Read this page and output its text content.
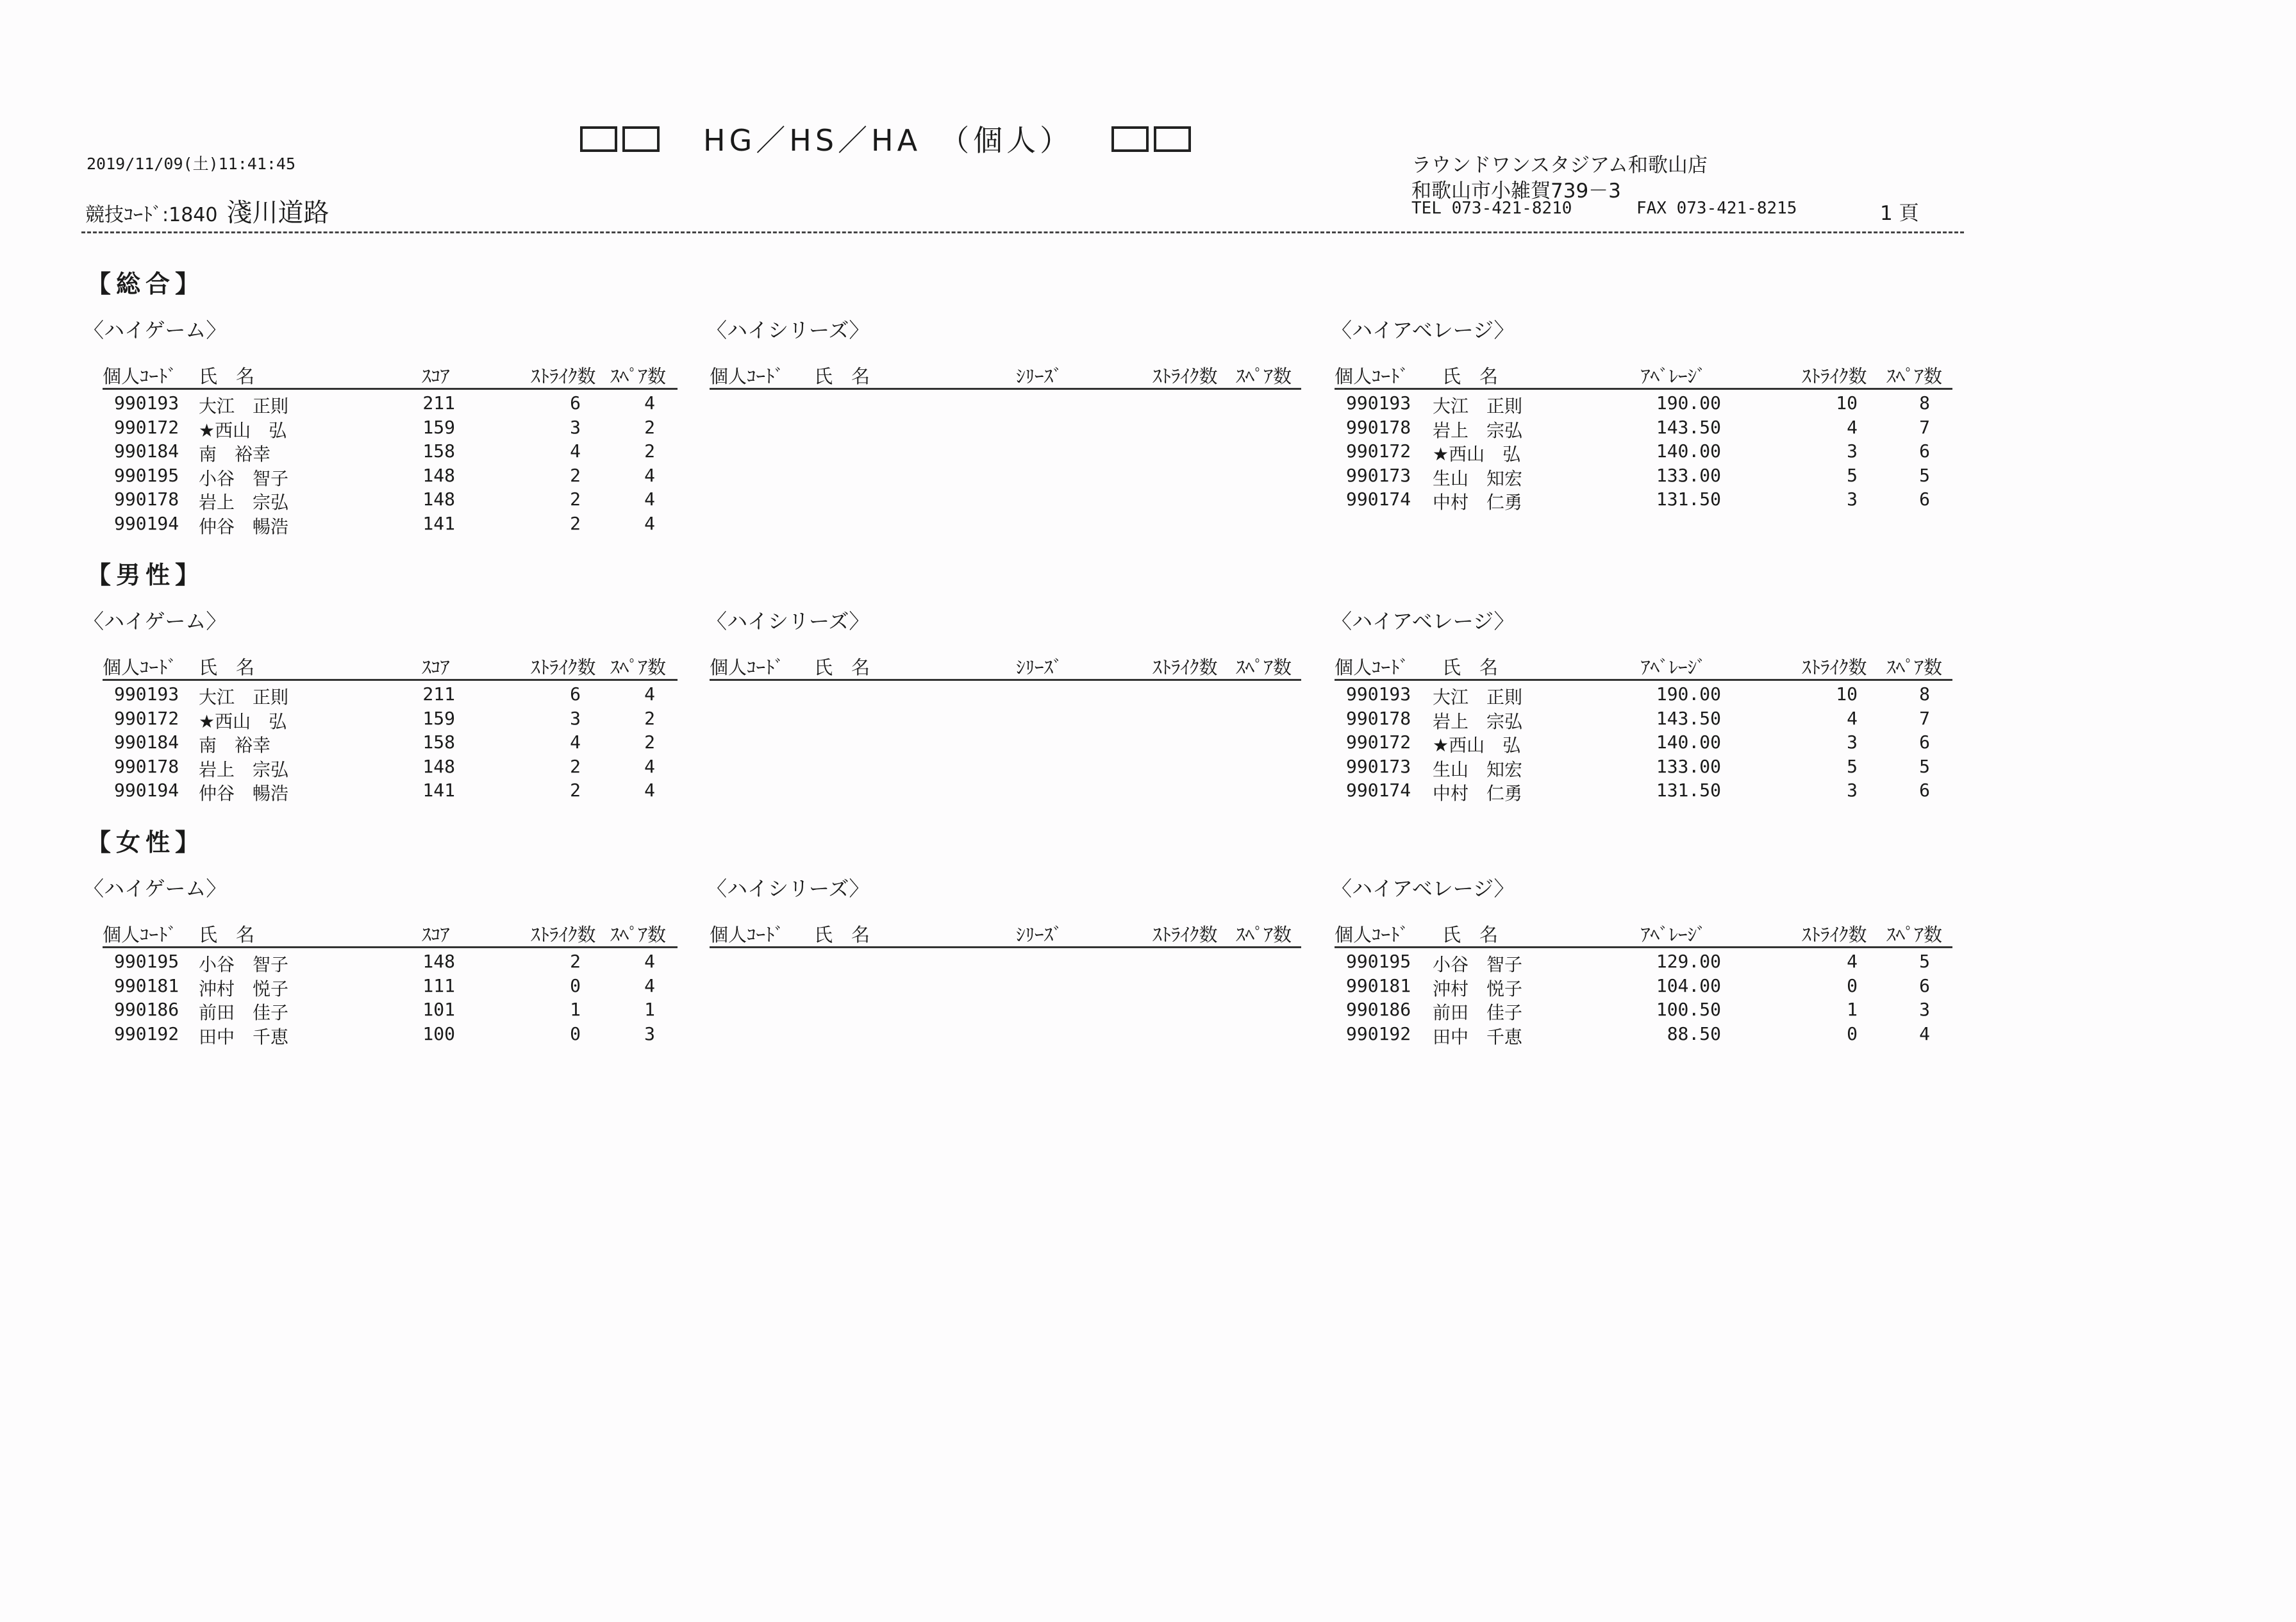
HG／HS／HA　（個人）
2019/11/09(土)11:41:45
競技ｺｰﾄﾞ:1840 淺川道路
ラウンドワンスタジアム和歌山店
和歌山市小雑賀739－3
TEL 073-421-8210	FAX 073-421-8215	1 頁
【総合】
〈ハイゲーム〉
個人ｺｰﾄﾞ 氏　名	ｽｺｱ	ｽﾄﾗｲｸ数 ｽﾍﾟｱ数
〈ハイシリーズ〉
個人ｺｰﾄﾞ 氏　名	ｼﾘｰｽﾞ	ｽﾄﾗｲｸ数 ｽﾍﾟｱ数
〈ハイアベレージ〉
個人ｺｰﾄﾞ 氏　名	ｱﾍﾞﾚｰｼﾞ	ｽﾄﾗｲｸ数 ｽﾍﾟｱ数
990193 大江　正則	211	6	4
990172 ★西山　弘	159	3	2
990184 南　裕幸	158	4	2
990195 小谷　智子	148	2	4
990178 岩上　宗弘	148	2	4
990194 仲谷　暢浩	141	2	4
990193 大江　正則	190.00	10	8
990178 岩上　宗弘	143.50	4	7
990172 ★西山　弘	140.00	3	6
990173 生山　知宏	133.00	5	5
990174 中村　仁勇	131.50	3	6
【男性】
〈ハイゲーム〉
個人ｺｰﾄﾞ 氏　名	ｽｺｱ	ｽﾄﾗｲｸ数 ｽﾍﾟｱ数
〈ハイシリーズ〉
個人ｺｰﾄﾞ 氏　名	ｼﾘｰｽﾞ	ｽﾄﾗｲｸ数 ｽﾍﾟｱ数
〈ハイアベレージ〉
個人ｺｰﾄﾞ 氏　名	ｱﾍﾞﾚｰｼﾞ	ｽﾄﾗｲｸ数 ｽﾍﾟｱ数
990193 大江　正則	211	6	4
990172 ★西山　弘	159	3	2
990184 南　裕幸	158	4	2
990178 岩上　宗弘	148	2	4
990194 仲谷　暢浩	141	2	4
990193 大江　正則	190.00	10	8
990178 岩上　宗弘	143.50	4	7
990172 ★西山　弘	140.00	3	6
990173 生山　知宏	133.00	5	5
990174 中村　仁勇	131.50	3	6
【女性】
〈ハイゲーム〉
個人ｺｰﾄﾞ 氏　名	ｽｺｱ	ｽﾄﾗｲｸ数 ｽﾍﾟｱ数
〈ハイシリーズ〉
個人ｺｰﾄﾞ 氏　名	ｼﾘｰｽﾞ	ｽﾄﾗｲｸ数 ｽﾍﾟｱ数
〈ハイアベレージ〉
個人ｺｰﾄﾞ 氏　名	ｱﾍﾞﾚｰｼﾞ	ｽﾄﾗｲｸ数 ｽﾍﾟｱ数
990195 小谷　智子	148	2	4
990181 沖村　悦子	111	0	4
990186 前田　佳子	101	1	1
990192 田中　千恵	100	0	3
990195 小谷　智子	129.00	4	5
990181 沖村　悦子	104.00	0	6
990186 前田　佳子	100.50	1	3
990192 田中　千恵	88.50	0	4
